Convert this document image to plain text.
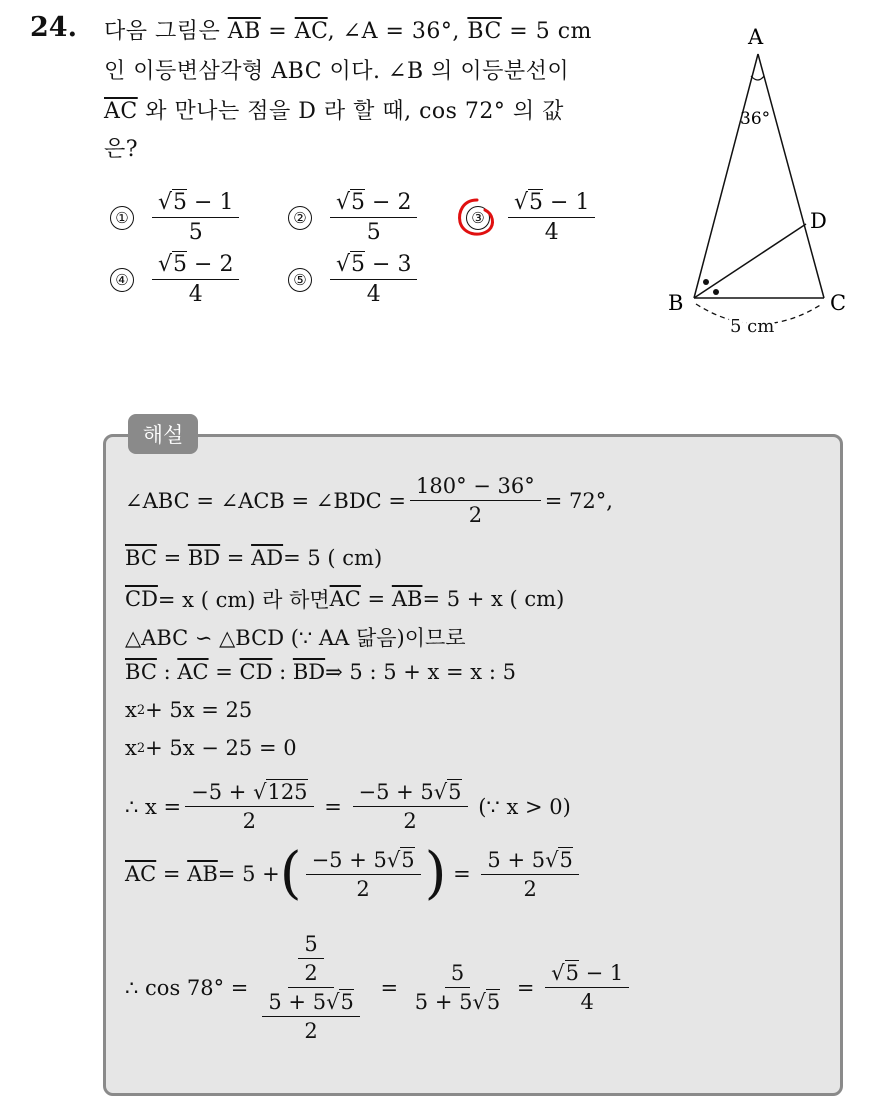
24. 다음 그림은 $\overline{AB} = \overline{AC}$, ∠A = 36°, $\overline{BC} = 5$ cm
인 이등변삼각형 ABC 이다. ∠B 의 이등분선이
$\overline{AC}$ 와 만나는 점을 D 라 할 때, cos 72° 의 값
은?
① $\frac{√5 - 1}{5}$	② $\frac{√5 - 2}{5}$	③ $\frac{√5 - 1}{4}$
④ $\frac{√5 - 2}{4}$	⑤ $\frac{√5 - 3}{4}$
A
B	C
D
36°
5 cm
해설
∠ABC = ∠ACB = ∠BDC = $\frac{180^\circ - 36^\circ}{2} = 72^\circ$,
$\overline{BC} = \overline{BD} = \overline{AD} = 5$ ( cm)
$\overline{CD} = x$ ( cm) 라 하면 $\overline{AC} = \overline{AB} = 5 + x$ ( cm)
△ABC ∽ △BCD (∵ AA 닮음)이므로
$\overline{BC}$ : $\overline{AC} = \overline{CD}$ : $\overline{BD}$ ⇒ 5 : 5 + x = x : 5
x 2 + 5x = 25
x 2 + 5x − 25 = 0
∴ $x = \frac{-5 + √125}{2} = \frac{-5 + 5√5}{2}$
(∵ x > 0)
$\overline{AC} = \overline{AB} = 5$ + ( $\frac{-5 + 5√5}{2}$ ) = $\frac{5 + 5√5}{2}$
∴ $\cos 78^\circ = \frac{\frac{5}{2}}{\frac{5 + 5√5}{2}} = \frac{5}{5 + 5√5} = \frac{√5 - 1}{4}$
